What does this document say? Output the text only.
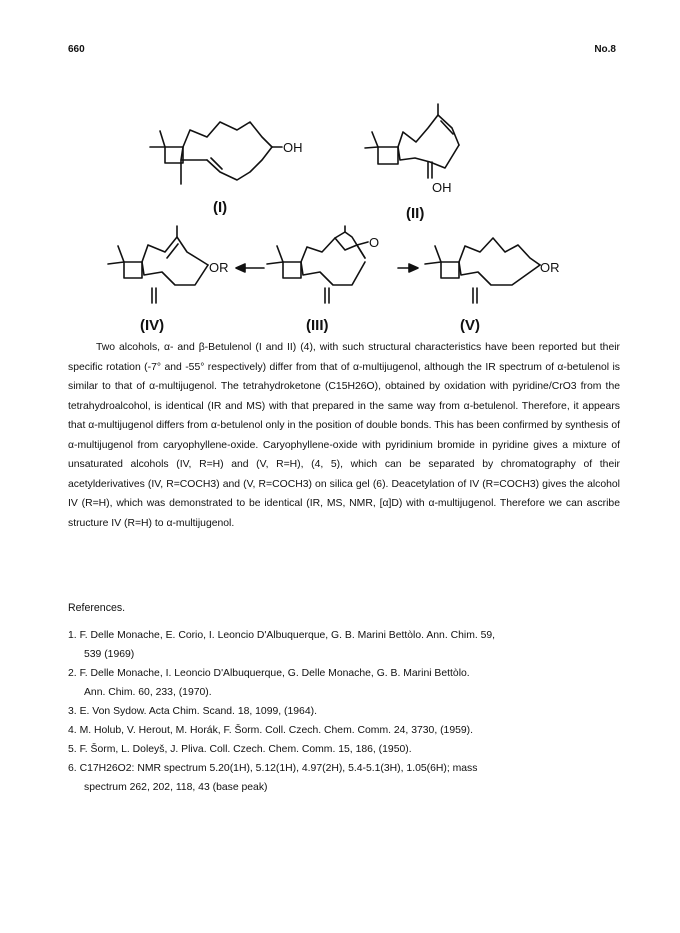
660	No.8
OH
(I)
OH
(II)
OR
(IV)
O
(III)
OR
(V)

Two alcohols, α- and β-Betulenol (I and II) (4), with such structural characteristics have been reported but their specific rotation (-7° and -55° respectively) differ from that of α-multijugenol, although the IR spectrum of α-betulenol is similar to that of α-multijugenol. The tetrahydroketone (C15H26O), obtained by oxidation with pyridine/CrO3 from the tetrahydroalcohol, is identical (IR and MS) with that prepared in the same way from α-betulenol. Therefore, it appears that α-multijugenol differs from α-betulenol only in the position of double bonds. This has been confirmed by synthesis of α-multijugenol from caryophyllene-oxide. Caryophyllene-oxide with pyridinium bromide in pyridine gives a mixture of unsaturated alcohols (IV, R=H) and (V, R=H), (4, 5), which can be separated by chromatography of their acetylderivatives (IV, R=COCH3) and (V, R=COCH3) on silica gel (6). Deacetylation of IV (R=COCH3) gives the alcohol IV (R=H), which was demonstrated to be identical (IR, MS, NMR, [α]D) with α-multijugenol. Therefore we can ascribe structure IV (R=H) to α-multijugenol.

References.
1. F. Delle Monache, E. Corio, I. Leoncio D'Albuquerque, G. B. Marini Bettòlo. Ann. Chim. 59,
539 (1969)
2. F. Delle Monache, I. Leoncio D'Albuquerque, G. Delle Monache, G. B. Marini Bettòlo.
Ann. Chim. 60, 233, (1970).
3. E. Von Sydow. Acta Chim. Scand. 18, 1099, (1964).
4. M. Holub, V. Herout, M. Horák, F. Šorm. Coll. Czech. Chem. Comm. 24, 3730, (1959).
5. F. Šorm, L. Doleyš, J. Pliva. Coll. Czech. Chem. Comm. 15, 186, (1950).
6. C17H26O2: NMR spectrum 5.20(1H), 5.12(1H), 4.97(2H), 5.4-5.1(3H), 1.05(6H); mass
spectrum 262, 202, 118, 43 (base peak)
